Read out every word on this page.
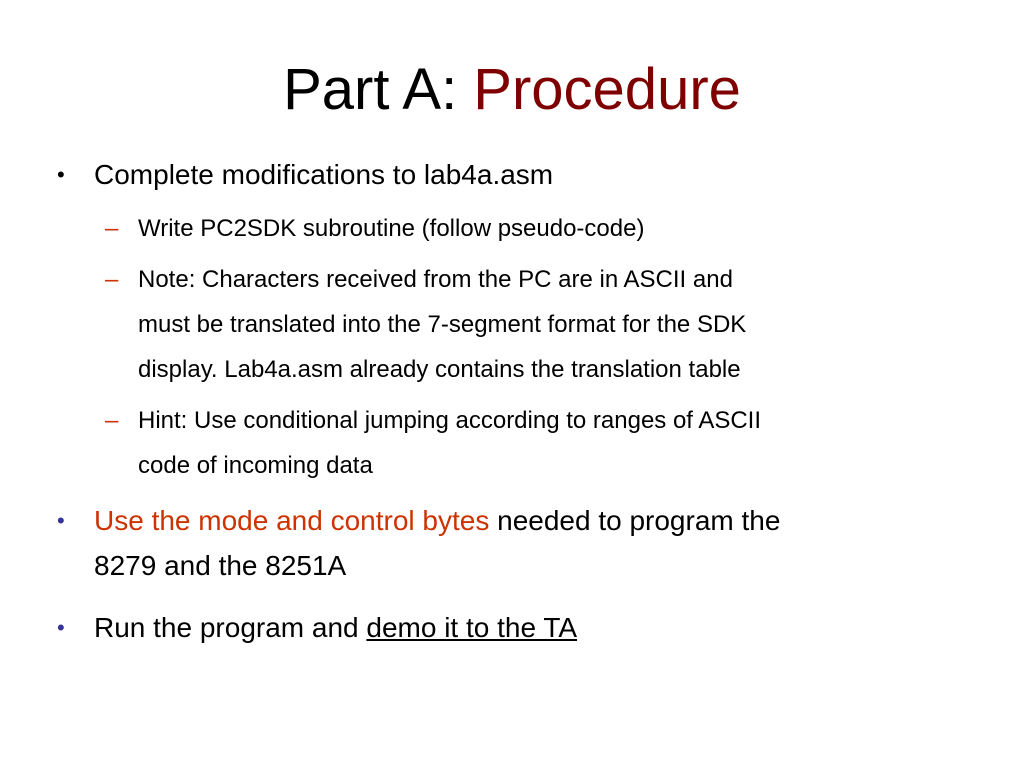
Part A: Procedure
• Complete modifications to lab4a.asm
– Write PC2SDK subroutine (follow pseudo-code)
– Note: Characters received from the PC are in ASCII and
must be translated into the 7-segment format for the SDK
display. Lab4a.asm already contains the translation table
– Hint: Use conditional jumping according to ranges of ASCII
code of incoming data
• Use the mode and control bytes needed to program the
8279 and the 8251A
• Run the program and demo it to the TA
